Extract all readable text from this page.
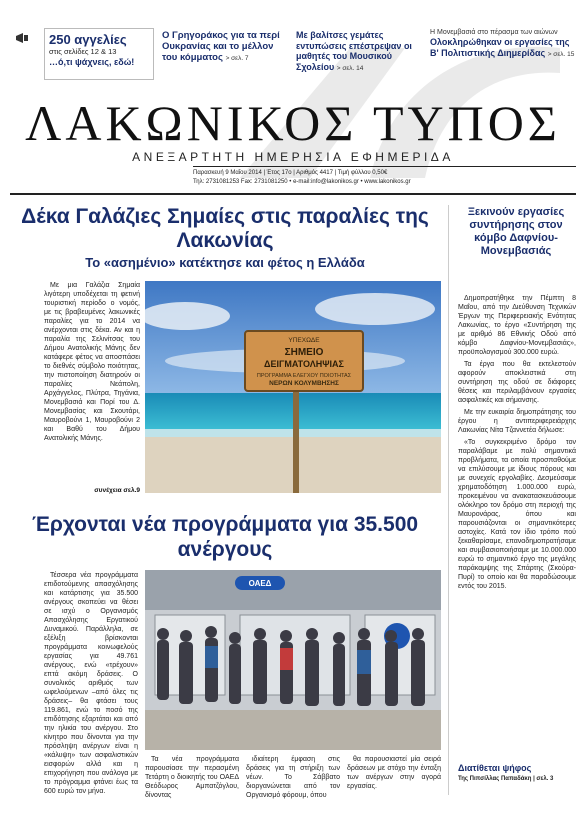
250 αγγελίες
στις σελίδες 12 & 13
…ό,τι ψάχνεις, εδώ!
Ο Γρηγοράκος για τα περί Ουκρανίας και το μέλλον του κόμματος > σελ. 7
Με βαλίτσες γεμάτες εντυπώσεις επέστρεψαν οι μαθητές του Μουσικού Σχολείου > σελ. 14
Η Μονεμβασιά στο πέρασμα των αιώνων
Ολοκληρώθηκαν οι εργασίες της Β' Πολιτιστικής Διημερίδας > σελ. 15
ΛΑΚΩΝΙΚΟΣ ΤΥΠΟΣ
ΑΝΕΞΑΡΤΗΤΗ ΗΜΕΡΗΣΙΑ ΕΦΗΜΕΡΙΔΑ
Παρασκευή 9 Μαΐου 2014 | Έτος 17ο | Αριθμός 4417 | Τιμή φύλλου 0,50€
Τηλ: 2731081253 Fax: 2731081250 • e-mail:info@lakonikos.gr • www.lakonikos.gr
Δέκα Γαλάζιες Σημαίες στις παραλίες της Λακωνίας
Το «ασημένιο» κατέκτησε και φέτος η Ελλάδα

Με μια Γαλάζια Σημαία λιγότερη υποδέχεται τη φετινή τουριστική περίοδο ο νομός, με τις βραβευμένες λακωνικές παραλίες για το 2014 να ανέρχονται στις δέκα. Αν και η παραλία της Σελινίτσας του Δήμου Ανατολικής Μάνης δεν κατάφερε φέτος να αποσπάσει το διεθνές σύμβολο ποιότητας, την πιστοποίηση διατηρούν οι παραλίες Νεάπολη, Αρχάγγελος, Πλύτρα, Τηγάνια, Μονεμβασιά και Πορί του Δ. Μονεμβασίας και Σκουτάρι, Μαυροβούνι 1, Μαυροβούνι 2 και Βαθύ του Δήμου Ανατολικής Μάνης.

συνέχεια σελ.9
ΥΠΕΧΩΔΕ
ΣΗΜΕΙΟ
ΔΕΙΓΜΑΤΟΛΗΨΙΑΣ
ΠΡΟΓΡΑΜΜΑ ΕΛΕΓΧΟΥ ΠΟΙΟΤΗΤΑΣ
ΝΕΡΩΝ ΚΟΛΥΜΒΗΣΗΣ
Έρχονται νέα προγράμματα για 35.500 ανέργους

Τέσσερα νέα προγράμματα επιδοτούμενης απασχόλησης και κατάρτισης για 35.500 ανέργους σκοπεύει να θέσει σε ισχύ ο Οργανισμός Απασχόλησης Εργατικού Δυναμικού. Παράλληλα, σε εξέλιξη βρίσκονται προγράμματα κοινωφελούς εργασίας για 49.761 ανέργους, ενώ «τρέχουν» επτά ακόμη δράσεις. Ο συνολικός αριθμός των ωφελούμενων –από όλες τις δράσεις– θα φτάσει τους 119.861, ενώ το ποσό της επιδότησης εξαρτάται και από την ηλικία του ανέργου. Στο κίνητρο που δίνονται για την πρόσληψη ανέργων είναι η «κάλυψη» των ασφαλιστικών εισφορών αλλά και η επιχορήγηση που ανάλογα με το πρόγραμμα φτάνει έως τα 600 ευρώ τον μήνα.

ΟΑΕΔ

Τα νέα προγράμματα παρουσίασε την περασμένη Τετάρτη ο διοικητής του ΟΑΕΔ Θεόδωρος Αμπατζόγλου, δίνοντας

ιδιαίτερη έμφαση στις δράσεις για τη στήριξη των νέων. Το Σάββατο διοργανώνεται από τον Οργανισμό φόρουμ, όπου

θα παρουσιαστεί μία σειρά δράσεων με στόχο την ένταξη των ανέργων στην αγορά εργασίας.

Ξεκινούν εργασίες συντήρησης στον κόμβο Δαφνίου-Μονεμβασιάς

Δημοπρατήθηκε την Πέμπτη 8 Μαΐου, από την Διεύθυνση Τεχνικών Έργων της Περιφερειακής Ενότητας Λακωνίας, το έργο «Συντήρηση της με αριθμό 86 Εθνικής Οδού από κόμβο Δαφνίου-Μονεμβασιάς», προϋπολογισμού 300.000 ευρώ.

Τα έργα που θα εκτελεστούν αφορούν αποκλειστικά στη συντήρηση της οδού σε διάφορες θέσεις και περιλαμβάνουν εργασίες ασφαλτικές και σήμανσης.

Με την ευκαιρία δημοπράτησης του έργου η αντιπεριφερειάρχης Λακωνίας Νίτα Τζαννετέα δήλωσε:

«Το συγκεκριμένο δρόμο τον παραλάβαμε με πολύ σημαντικά προβλήματα, τα οποία προσπαθούμε να επιλύσουμε με ίδιους πόρους και με συνεχείς εργολαβίες. Δεσμεύσαμε χρηματοδότηση 1.000.000 ευρώ, προκειμένου να ανακατασκευάσουμε ολόκληρο τον δρόμο στη περιοχή της Μαυρονάρας, όπου και παρουσιάζονται οι σημαντικότερες αστοχίες. Κατά τον ίδιο τρόπο πού ξεκαθαρίσαμε, επαναδημοπρατήσαμε και συμβασιοποιήσαμε με 10.000.000 ευρώ το σημαντικό έργο της μεγάλης παράκαμψης της Σπάρτης (Σκούρα-Πυρί) το οποίο και θα παραδώσουμε εντός του 2015.

Διατίθεται ψήφος
Της Πιπσίλλας Παπαδάκη | σελ. 3
